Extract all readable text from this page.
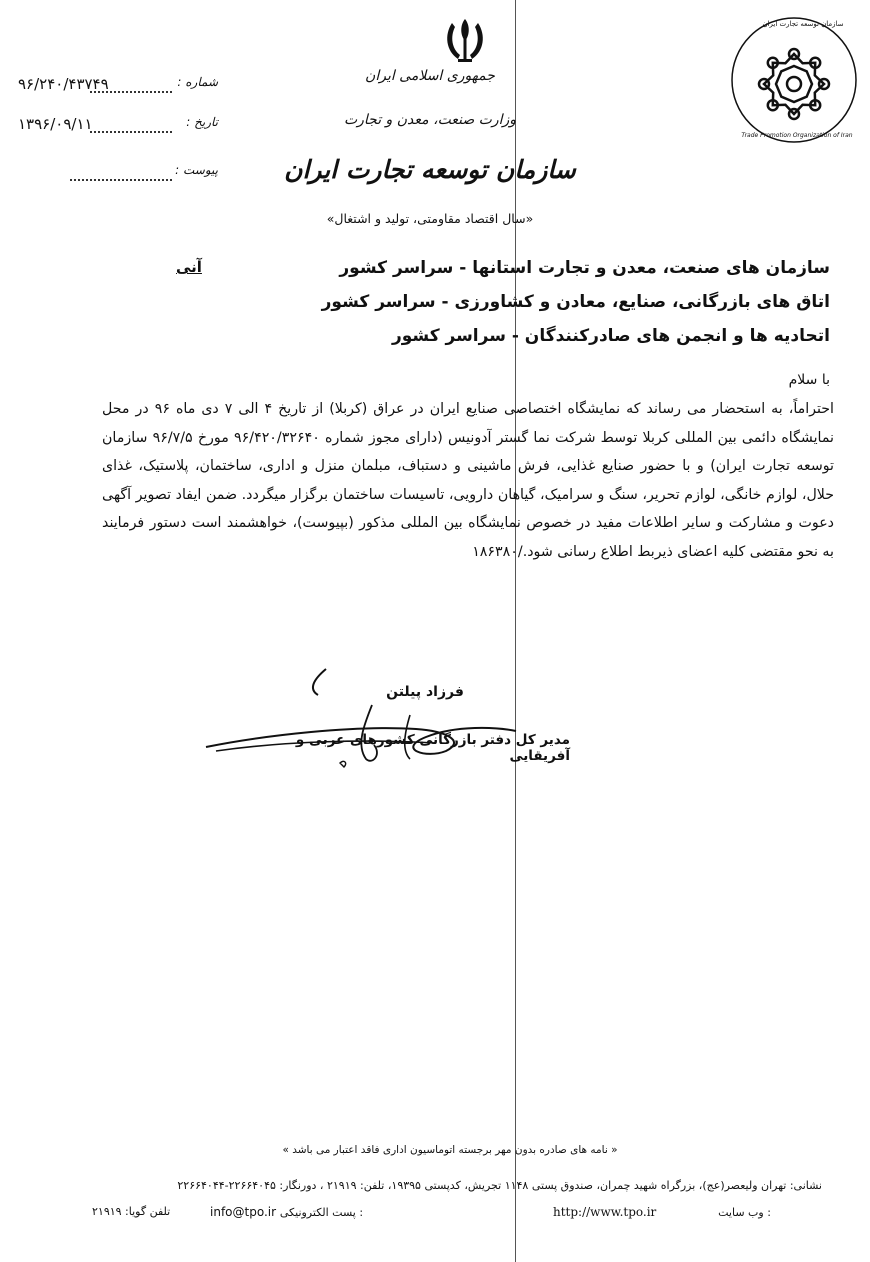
۹۶/۲۴۰/۴۳۷۴۹	شماره :
۱۳۹۶/۰۹/۱۱	تاریخ :
پیوست :
جمهوری اسلامی ایران
وزارت صنعت، معدن و تجارت
سازمان توسعه تجارت ایران
«سال اقتصاد مقاومتی، تولید و اشتغال»
سازمان توسعه تجارت ایران
Trade Promotion Organization of Iran
آنی	سازمان های صنعت، معدن و تجارت استانها - سراسر کشور
اتاق های بازرگانی، صنایع، معادن و کشاورزی - سراسر کشور
اتحادیه ها و انجمن های صادرکنندگان - سراسر کشور
با سلام

احتراماً، به استحضار می رساند که نمایشگاه اختصاصی صنایع ایران در عراق (کربلا) از تاریخ ۴ الی ۷ دی ماه ۹۶ در محل نمایشگاه دائمی بین المللی کربلا توسط شرکت نما گستر آدونیس (دارای مجوز شماره ۹۶/۴۲۰/۳۲۶۴۰ مورخ ۹۶/۷/۵ سازمان توسعه تجارت ایران) و با حضور صنایع غذایی، فرش ماشینی و دستباف، مبلمان منزل و اداری، ساختمان، پلاستیک، غذای حلال، لوازم خانگی، لوازم تحریر، سنگ و سرامیک، گیاهان دارویی، تاسیسات ساختمان برگزار میگردد. ضمن ایفاد تصویر آگهی دعوت و مشارکت و سایر اطلاعات مفید در خصوص نمایشگاه بین المللی مذکور (بپیوست)، خواهشمند است دستور فرمایند به نحو مقتضی کلیه اعضای ذیربط اطلاع رسانی شود./۱۸۶۳۸۰

فرزاد پیلتن
مدیر کل دفتر بازرگانی کشورهای عربی و آفریقایی
« نامه های صادره بدون مهر برجسته اتوماسیون اداری فاقد اعتبار می باشد »
نشانی: تهران ولیعصر(عج)، بزرگراه شهید چمران، صندوق پستی ۱۱۴۸ تجریش، کدپستی ۱۹۳۹۵، تلفن: ۲۱۹۱۹ ، دورنگار: ۲۲۶۶۴۰۴۵-۲۲۶۶۴۰۴۴
http://www.tpo.ir	وب سایت :
info@tpo.ir پست الکترونیکی :
تلفن گویا: ۲۱۹۱۹
